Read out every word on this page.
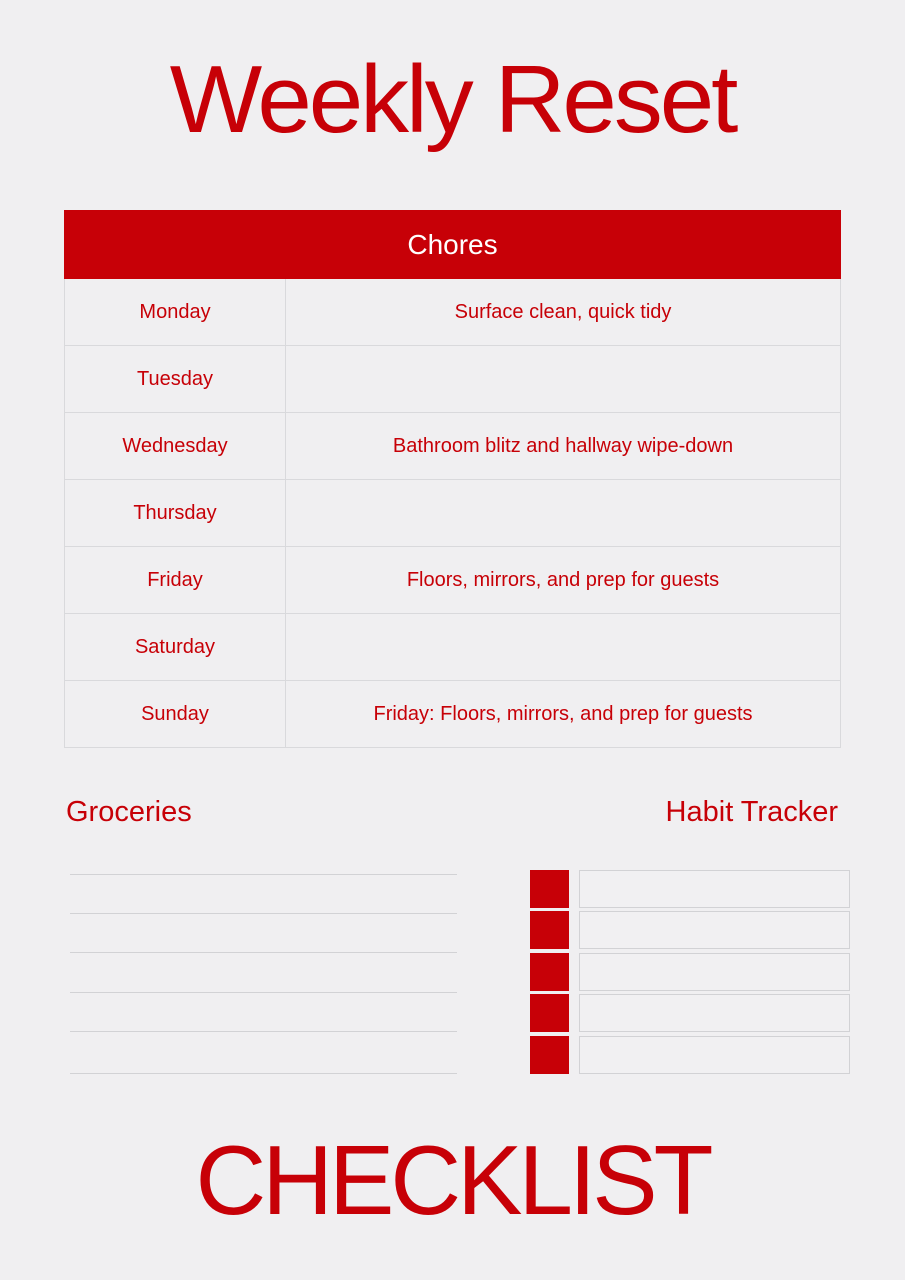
Weekly Reset
Chores	
Monday	Surface clean, quick tidy
Tuesday	
Wednesday	Bathroom blitz and hallway wipe-down
Thursday	
Friday	Floors, mirrors, and prep for guests
Saturday	
Sunday	Friday: Floors, mirrors, and prep for guests
Groceries	Habit Tracker
CHECKLIST
